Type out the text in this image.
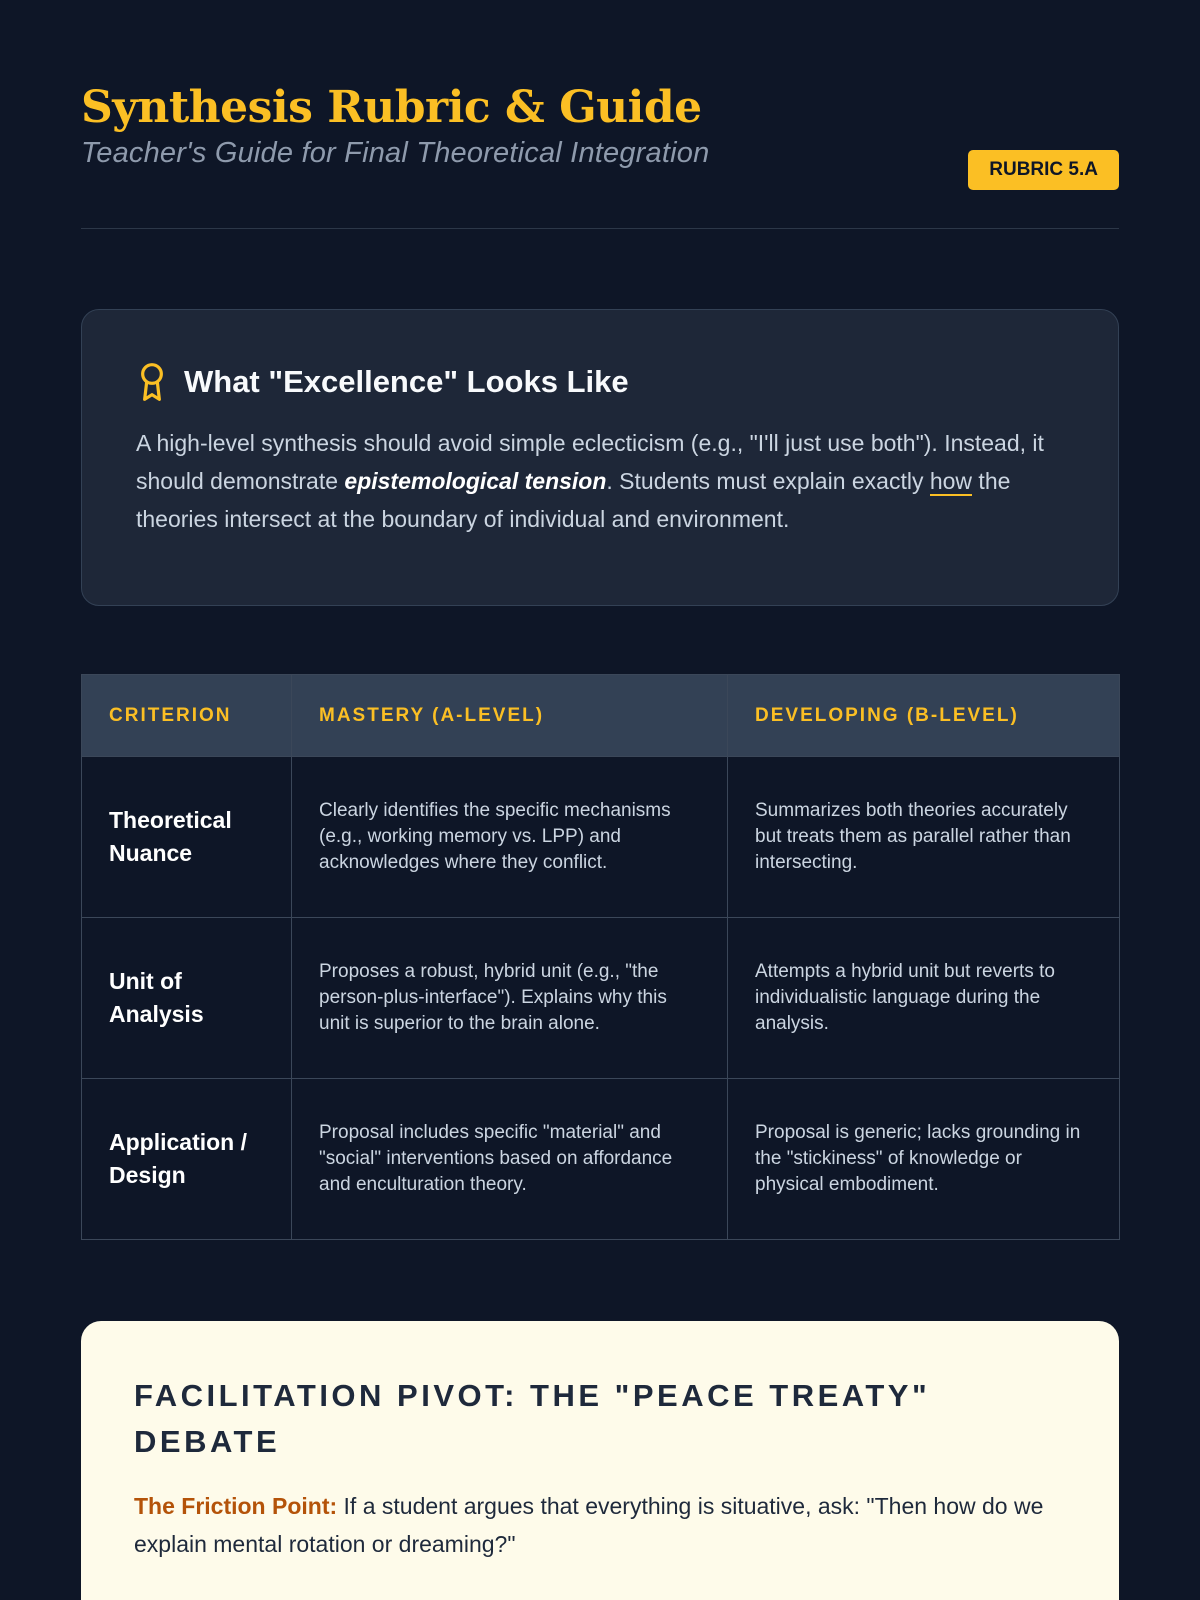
Synthesis Rubric & Guide
Teacher's Guide for Final Theoretical Integration
RUBRIC 5.A
What "Excellence" Looks Like

A high-level synthesis should avoid simple eclecticism (e.g., "I'll just use both"). Instead, it should demonstrate epistemological tension. Students must explain exactly how the theories intersect at the boundary of individual and environment.

CRITERION	MASTERY (A-LEVEL)	DEVELOPING (B-LEVEL)
Theoretical Nuance	Clearly identifies the specific mechanisms (e.g., working memory vs. LPP) and acknowledges where they conflict.	Summarizes both theories accurately but treats them as parallel rather than intersecting.
Unit of Analysis	Proposes a robust, hybrid unit (e.g., "the person-plus-interface"). Explains why this unit is superior to the brain alone.	Attempts a hybrid unit but reverts to individualistic language during the analysis.
Application / Design	Proposal includes specific "material" and "social" interventions based on affordance and enculturation theory.	Proposal is generic; lacks grounding in the "stickiness" of knowledge or physical embodiment.
FACILITATION PIVOT: THE "PEACE TREATY" DEBATE

The Friction Point: If a student argues that everything is situative, ask: "Then how do we explain mental rotation or dreaming?"
